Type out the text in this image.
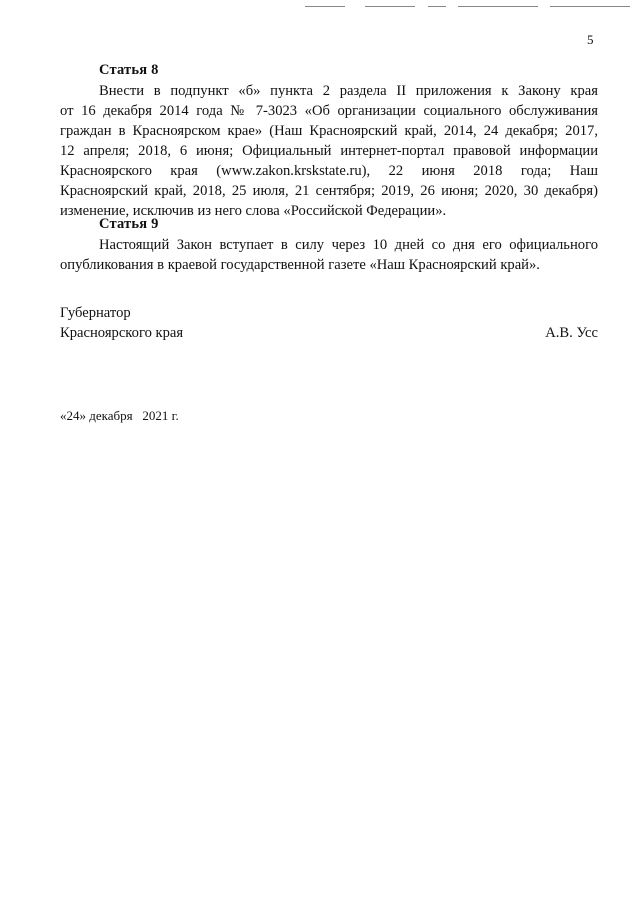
5
Статья 8
Внести в подпункт «б» пункта 2 раздела II приложения к Закону края
от 16 декабря 2014 года № 7-3023 «Об организации социального обслуживания
граждан в Красноярском крае» (Наш Красноярский край, 2014, 24 декабря; 2017,
12 апреля; 2018, 6 июня; Официальный интернет-портал правовой информации
Красноярского края (www.zakon.krskstate.ru), 22 июня 2018 года; Наш
Красноярский край, 2018, 25 июля, 21 сентября; 2019, 26 июня; 2020, 30 декабря)
изменение, исключив из него слова «Российской Федерации».
Статья 9
Настоящий Закон вступает в силу через 10 дней со дня его официального
опубликования в краевой государственной газете «Наш Красноярский край».
Губернатор
Красноярского края	А.В. Усс
«24» декабря   2021 г.
